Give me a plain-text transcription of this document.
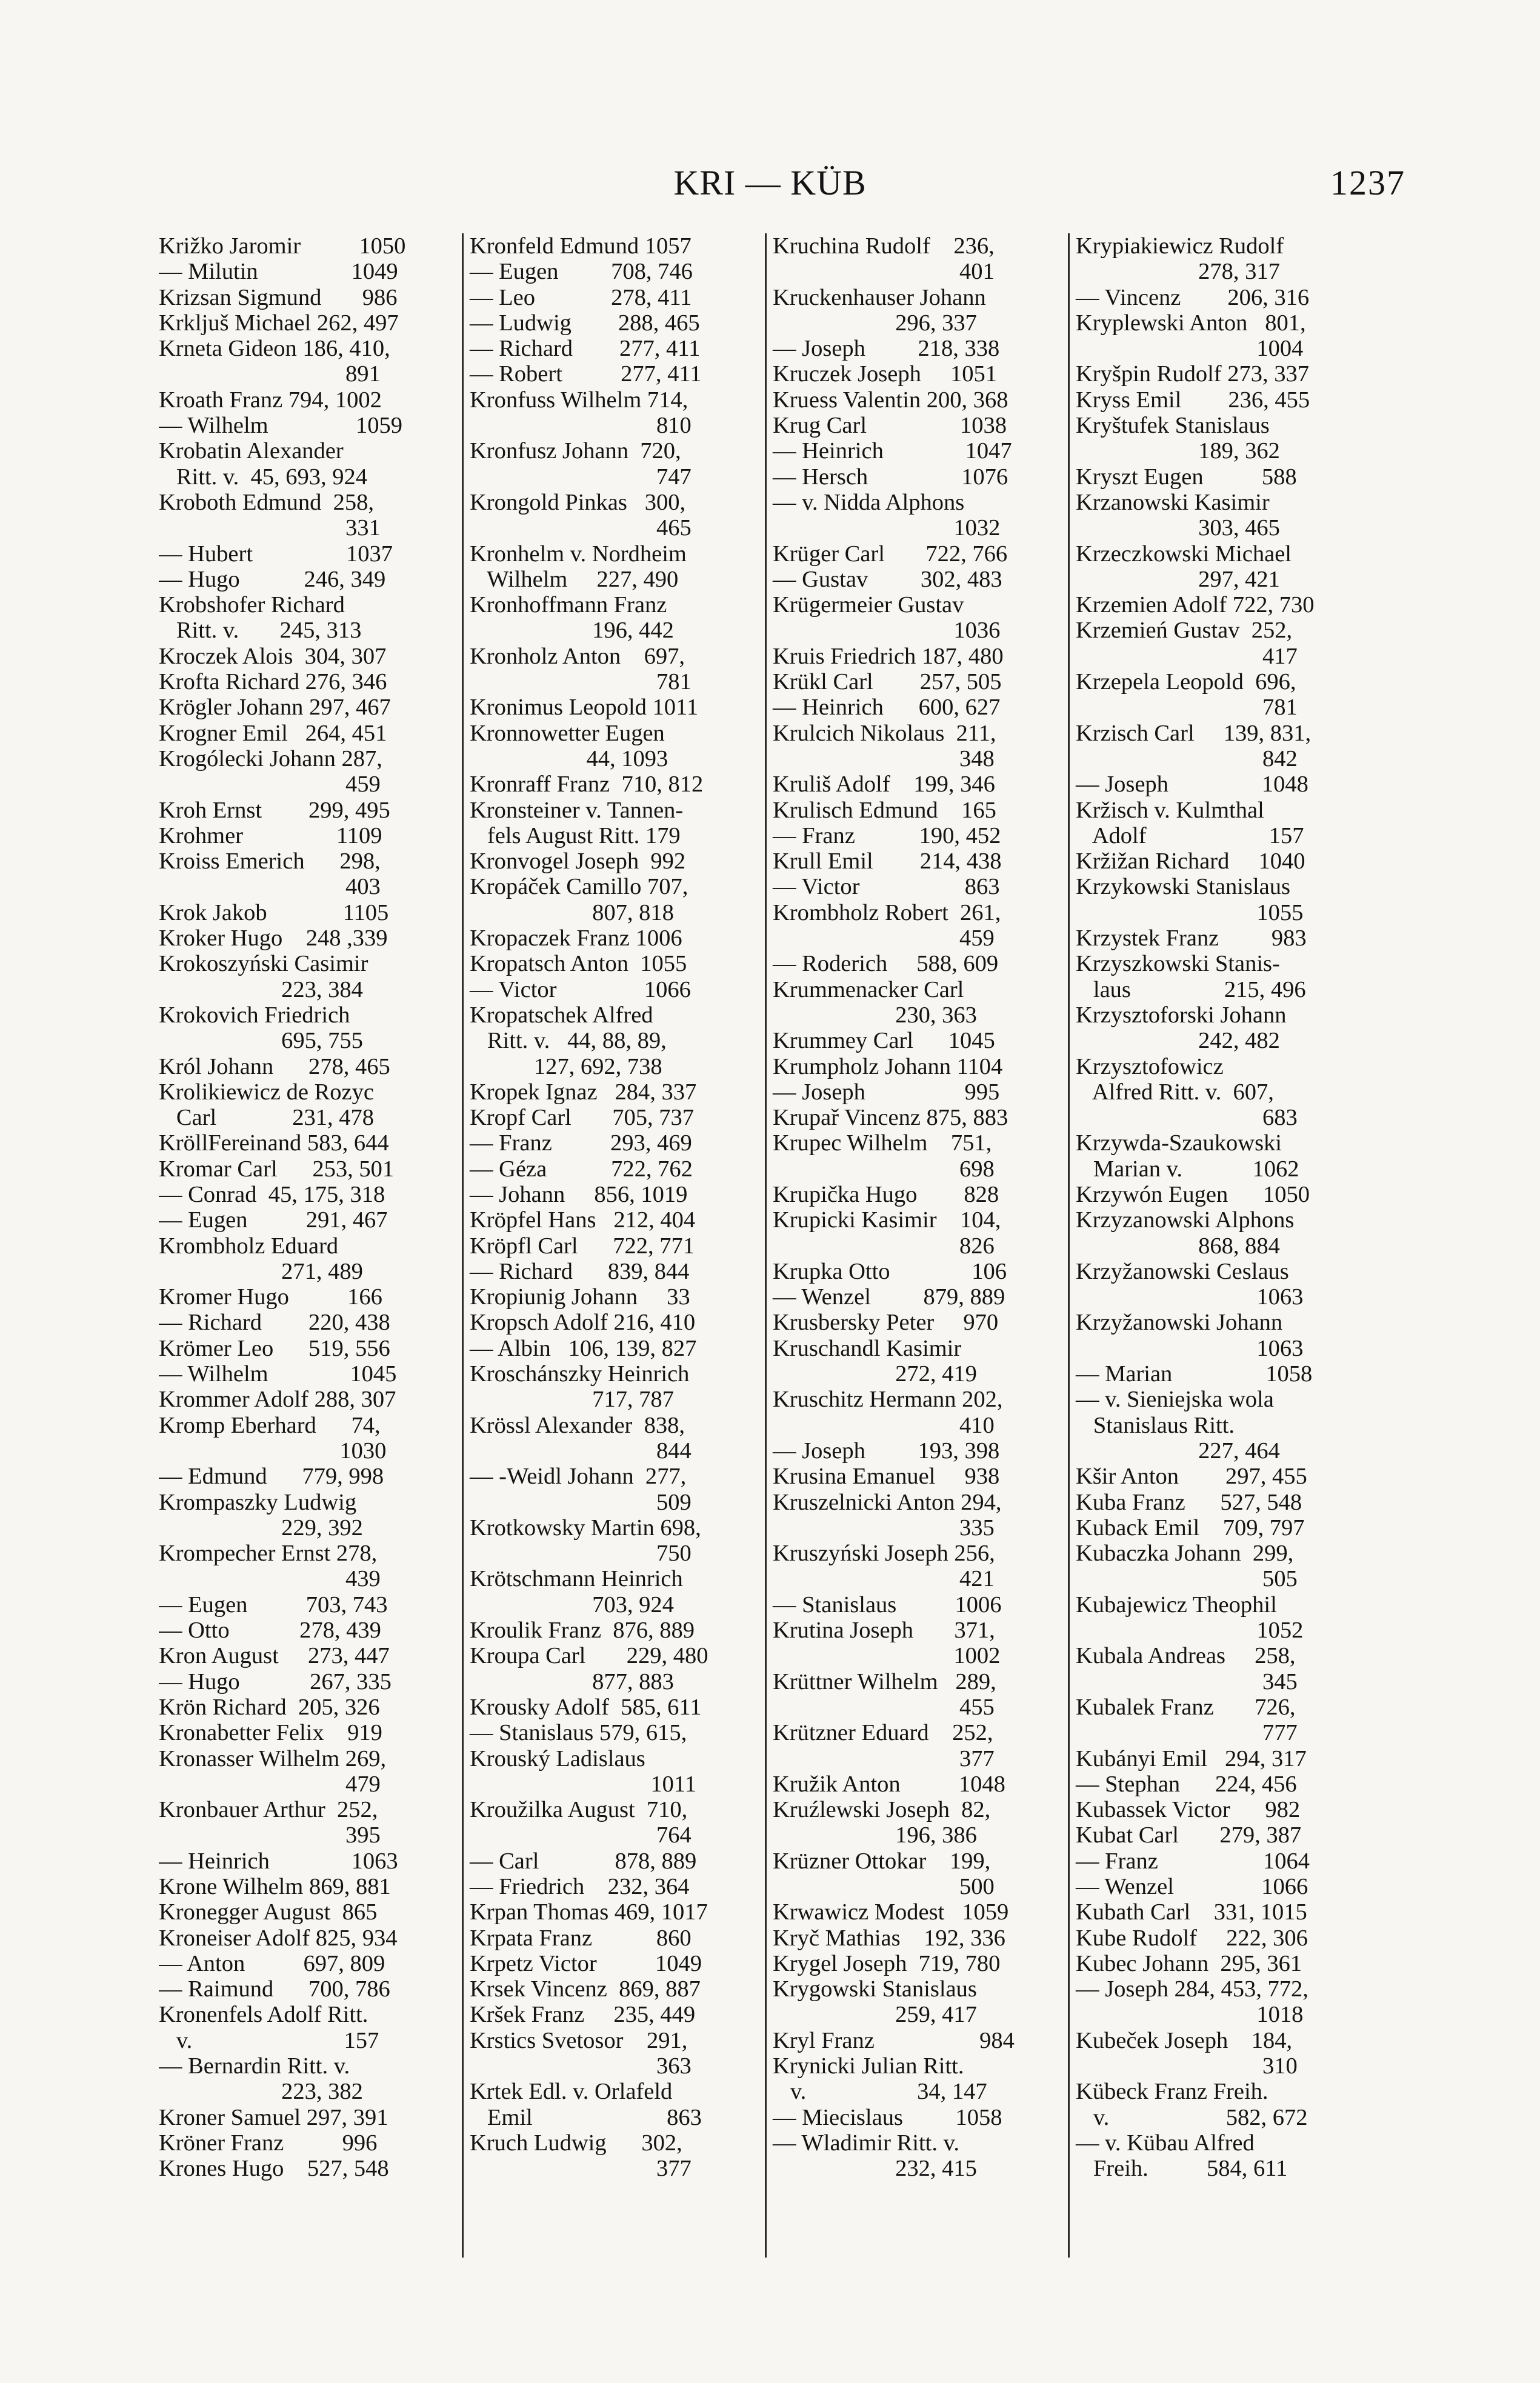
KRI — KÜB	1237
Križko Jaromir          1050
— Milutin                1049
Krizsan Sigmund       986
Krkljuš Michael 262, 497
Krneta Gideon 186, 410,
891
Kroath Franz 794, 1002
— Wilhelm               1059
Krobatin Alexander
Ritt. v.  45, 693, 924
Kroboth Edmund  258,
331
— Hubert                1037
— Hugo           246, 349
Krobshofer Richard
Ritt. v.       245, 313
Kroczek Alois  304, 307
Krofta Richard 276, 346
Krögler Johann 297, 467
Krogner Emil   264, 451
Krogólecki Johann 287,
459
Kroh Ernst        299, 495
Krohmer                1109
Kroiss Emerich      298,
403
Krok Jakob             1105
Kroker Hugo    248 ,339
Krokoszyński Casimir
223, 384
Krokovich Friedrich
695, 755
Król Johann      278, 465
Krolikiewicz de Rozyc
Carl             231, 478
KröllFereinand 583, 644
Kromar Carl      253, 501
— Conrad  45, 175, 318
— Eugen          291, 467
Krombholz Eduard
271, 489
Kromer Hugo          166
— Richard        220, 438
Krömer Leo      519, 556
— Wilhelm              1045
Krommer Adolf 288, 307
Kromp Eberhard      74,
1030
— Edmund      779, 998
Krompaszky Ludwig
229, 392
Krompecher Ernst 278,
439
— Eugen          703, 743
— Otto            278, 439
Kron August     273, 447
— Hugo            267, 335
Krön Richard  205, 326
Kronabetter Felix    919
Kronasser Wilhelm 269,
479
Kronbauer Arthur  252,
395
— Heinrich              1063
Krone Wilhelm 869, 881
Kronegger August  865
Kroneiser Adolf 825, 934
— Anton          697, 809
— Raimund      700, 786
Kronenfels Adolf Ritt.
v.                          157
— Bernardin Ritt. v.
223, 382
Kroner Samuel 297, 391
Kröner Franz          996
Krones Hugo    527, 548
Kronfeld Edmund 1057
— Eugen         708, 746
— Leo             278, 411
— Ludwig        288, 465
— Richard        277, 411
— Robert          277, 411
Kronfuss Wilhelm 714,
810
Kronfusz Johann  720,
747
Krongold Pinkas   300,
465
Kronhelm v. Nordheim
Wilhelm     227, 490
Kronhoffmann Franz
196, 442
Kronholz Anton    697,
781
Kronimus Leopold 1011
Kronnowetter Eugen
44, 1093
Kronraff Franz  710, 812
Kronsteiner v. Tannen-
fels August Ritt. 179
Kronvogel Joseph  992
Kropáček Camillo 707,
807, 818
Kropaczek Franz 1006
Kropatsch Anton  1055
— Victor               1066
Kropatschek Alfred
Ritt. v.   44, 88, 89,
127, 692, 738
Kropek Ignaz   284, 337
Kropf Carl       705, 737
— Franz          293, 469
— Géza           722, 762
— Johann     856, 1019
Kröpfel Hans   212, 404
Kröpfl Carl      722, 771
— Richard      839, 844
Kropiunig Johann     33
Kropsch Adolf 216, 410
— Albin   106, 139, 827
Kroschánszky Heinrich
717, 787
Krössl Alexander  838,
844
— -Weidl Johann  277,
509
Krotkowsky Martin 698,
750
Krötschmann Heinrich
703, 924
Kroulik Franz  876, 889
Kroupa Carl       229, 480
877, 883
Krousky Adolf  585, 611
— Stanislaus 579, 615,
Krouský Ladislaus
1011
Kroužilka August  710,
764
— Carl             878, 889
— Friedrich    232, 364
Krpan Thomas 469, 1017
Krpata Franz           860
Krpetz Victor          1049
Krsek Vincenz  869, 887
Kršek Franz     235, 449
Krstics Svetosor    291,
363
Krtek Edl. v. Orlafeld
Emil                       863
Kruch Ludwig      302,
377
Kruchina Rudolf    236,
401
Kruckenhauser Johann
296, 337
— Joseph         218, 338
Kruczek Joseph     1051
Kruess Valentin 200, 368
Krug Carl                1038
— Heinrich              1047
— Hersch                1076
— v. Nidda Alphons
1032
Krüger Carl       722, 766
— Gustav         302, 483
Krügermeier Gustav
1036
Kruis Friedrich 187, 480
Krükl Carl        257, 505
— Heinrich      600, 627
Krulcich Nikolaus  211,
348
Kruliš Adolf    199, 346
Krulisch Edmund    165
— Franz           190, 452
Krull Emil        214, 438
— Victor                  863
Krombholz Robert  261,
459
— Roderich     588, 609
Krummenacker Carl
230, 363
Krummey Carl      1045
Krumpholz Johann 1104
— Joseph                 995
Krupař Vincenz 875, 883
Krupec Wilhelm    751,
698
Krupička Hugo        828
Krupicki Kasimir    104,
826
Krupka Otto              106
— Wenzel         879, 889
Krusbersky Peter     970
Kruschandl Kasimir
272, 419
Kruschitz Hermann 202,
410
— Joseph         193, 398
Krusina Emanuel     938
Kruszelnicki Anton 294,
335
Kruszyński Joseph 256,
421
— Stanislaus          1006
Krutina Joseph       371,
1002
Krüttner Wilhelm   289,
455
Krützner Eduard    252,
377
Kružik Anton          1048
Kruźlewski Joseph  82,
196, 386
Krüzner Ottokar    199,
500
Krwawicz Modest   1059
Kryč Mathias    192, 336
Krygel Joseph  719, 780
Krygowski Stanislaus
259, 417
Kryl Franz                  984
Krynicki Julian Ritt.
v.                   34, 147
— Miecislaus         1058
— Wladimir Ritt. v.
232, 415
Krypiakiewicz Rudolf
278, 317
— Vincenz        206, 316
Kryplewski Anton   801,
1004
Kryšpin Rudolf 273, 337
Kryss Emil        236, 455
Kryštufek Stanislaus
189, 362
Kryszt Eugen          588
Krzanowski Kasimir
303, 465
Krzeczkowski Michael
297, 421
Krzemien Adolf 722, 730
Krzemień Gustav  252,
417
Krzepela Leopold  696,
781
Krzisch Carl     139, 831,
842
— Joseph                1048
Kržisch v. Kulmthal
Adolf                     157
Kržižan Richard     1040
Krzykowski Stanislaus
1055
Krzystek Franz         983
Krzyszkowski Stanis-
laus                215, 496
Krzysztoforski Johann
242, 482
Krzysztofowicz
Alfred Ritt. v.  607,
683
Krzywda-Szaukowski
Marian v.            1062
Krzywón Eugen      1050
Krzyzanowski Alphons
868, 884
Krzyžanowski Ceslaus
1063
Krzyžanowski Johann
1063
— Marian                1058
— v. Sieniejska wola
Stanislaus Ritt.
227, 464
Kšir Anton        297, 455
Kuba Franz      527, 548
Kuback Emil    709, 797
Kubaczka Johann  299,
505
Kubajewicz Theophil
1052
Kubala Andreas     258,
345
Kubalek Franz       726,
777
Kubányi Emil   294, 317
— Stephan      224, 456
Kubassek Victor      982
Kubat Carl       279, 387
— Franz                  1064
— Wenzel               1066
Kubath Carl    331, 1015
Kube Rudolf     222, 306
Kubec Johann  295, 361
— Joseph 284, 453, 772,
1018
Kubeček Joseph    184,
310
Kübeck Franz Freih.
v.                    582, 672
— v. Kübau Alfred
Freih.          584, 611
